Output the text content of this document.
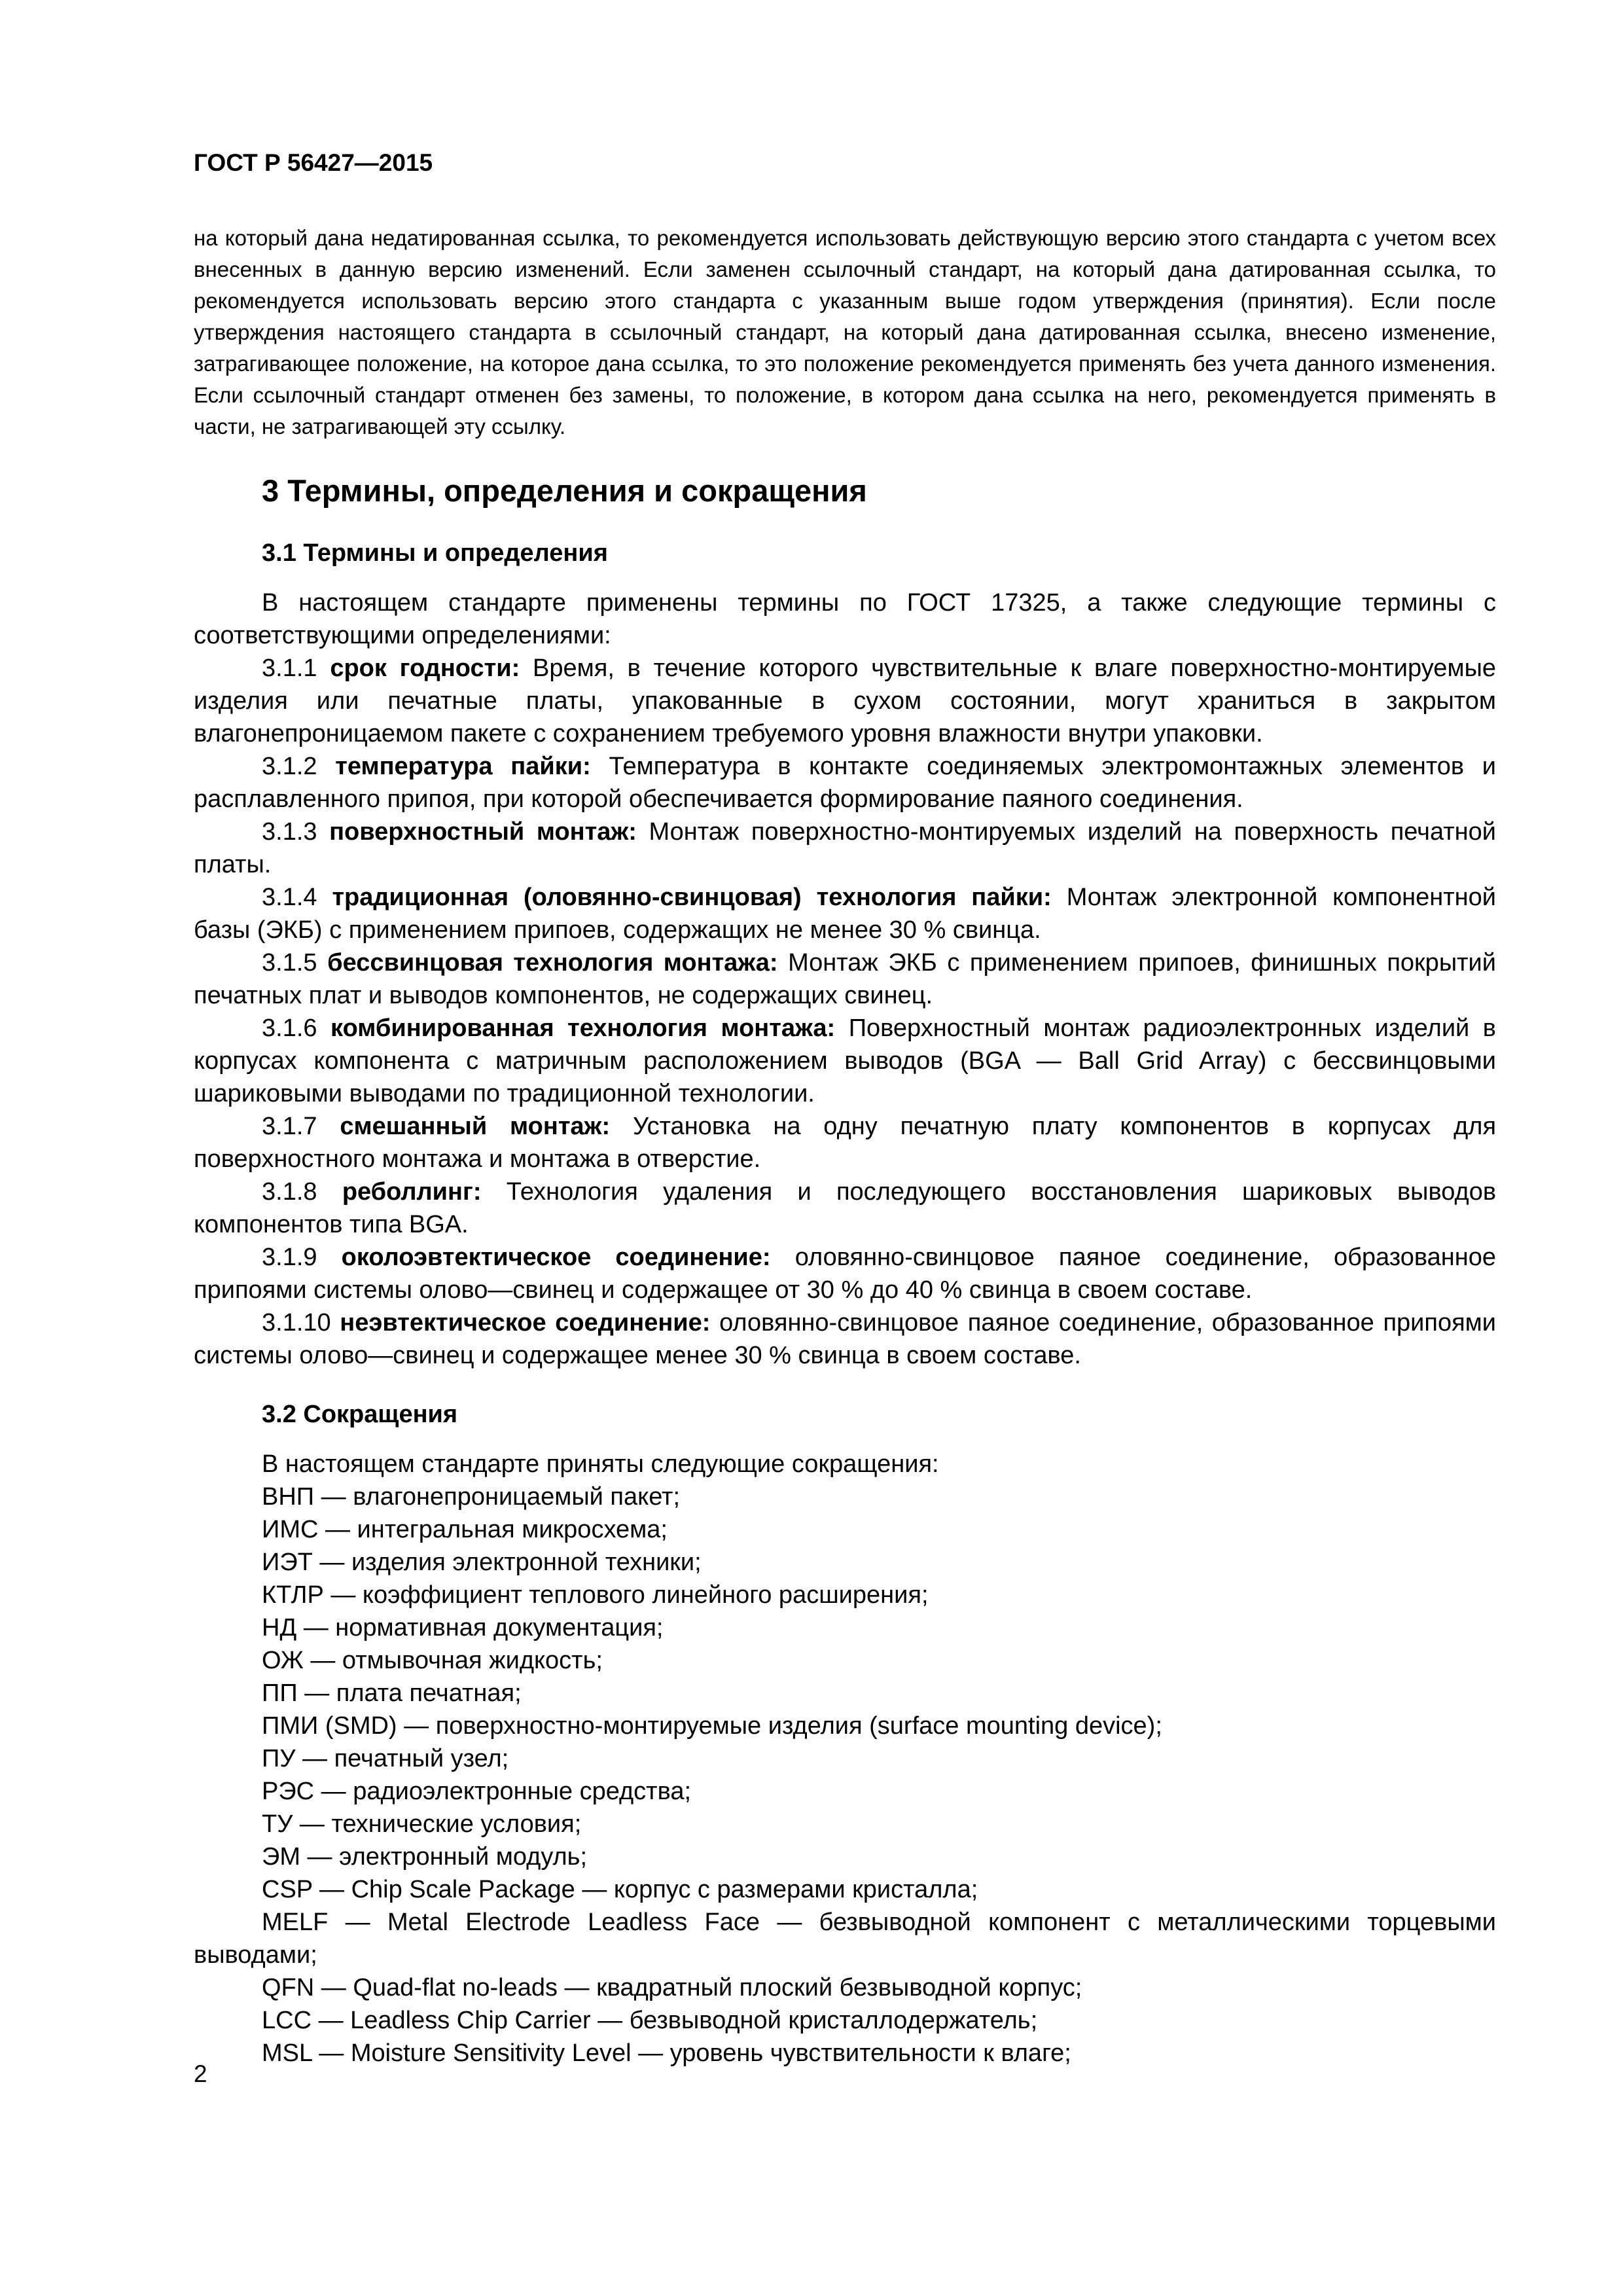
ГОСТ Р 56427—2015

на который дана недатированная ссылка, то рекомендуется использовать действующую версию этого стандарта с учетом всех внесенных в данную версию изменений. Если заменен ссылочный стандарт, на который дана датированная ссылка, то рекомендуется использовать версию этого стандарта с указанным выше годом утверждения (принятия). Если после утверждения настоящего стандарта в ссылочный стандарт, на который дана датированная ссылка, внесено изменение, затрагивающее положение, на которое дана ссылка, то это положение рекомендуется применять без учета данного изменения. Если ссылочный стандарт отменен без замены, то положение, в котором дана ссылка на него, рекомендуется применять в части, не затрагивающей эту ссылку.

3 Термины, определения и сокращения
3.1 Термины и определения

В настоящем стандарте применены термины по ГОСТ 17325, а также следующие термины с соответствующими определениями:

3.1.1 срок годности: Время, в течение которого чувствительные к влаге поверхностно-монтируемые изделия или печатные платы, упакованные в сухом состоянии, могут храниться в закрытом влагонепроницаемом пакете с сохранением требуемого уровня влажности внутри упаковки.

3.1.2 температура пайки: Температура в контакте соединяемых электромонтажных элементов и расплавленного припоя, при которой обеспечивается формирование паяного соединения.

3.1.3 поверхностный монтаж: Монтаж поверхностно-монтируемых изделий на поверхность печатной платы.

3.1.4 традиционная (оловянно-свинцовая) технология пайки: Монтаж электронной компонентной базы (ЭКБ) с применением припоев, содержащих не менее 30 % свинца.

3.1.5 бессвинцовая технология монтажа: Монтаж ЭКБ с применением припоев, финишных покрытий печатных плат и выводов компонентов, не содержащих свинец.

3.1.6 комбинированная технология монтажа: Поверхностный монтаж радиоэлектронных изделий в корпусах компонента с матричным расположением выводов (BGA — Ball Grid Array) с бессвинцовыми шариковыми выводами по традиционной технологии.

3.1.7 смешанный монтаж: Установка на одну печатную плату компонентов в корпусах для поверхностного монтажа и монтажа в отверстие.

3.1.8 реболлинг: Технология удаления и последующего восстановления шариковых выводов компонентов типа BGA.

3.1.9 околоэвтектическое соединение: оловянно-свинцовое паяное соединение, образованное припоями системы олово—свинец и содержащее от 30 % до 40 % свинца в своем составе.

3.1.10 неэвтектическое соединение: оловянно-свинцовое паяное соединение, образованное припоями системы олово—свинец и содержащее менее 30 % свинца в своем составе.

3.2 Сокращения

В настоящем стандарте приняты следующие сокращения:

ВНП — влагонепроницаемый пакет;

ИМС — интегральная микросхема;

ИЭТ — изделия электронной техники;

КТЛР — коэффициент теплового линейного расширения;

НД — нормативная документация;

ОЖ — отмывочная жидкость;

ПП — плата печатная;

ПМИ (SMD) — поверхностно-монтируемые изделия (surface mounting device);

ПУ — печатный узел;

РЭС — радиоэлектронные средства;

ТУ — технические условия;

ЭМ — электронный модуль;

CSP — Chip Scale Package — корпус с размерами кристалла;

MELF — Metal Electrode Leadless Face — безвыводной компонент с металлическими торцевыми выводами;

QFN — Quad-flat no-leads — квадратный плоский безвыводной корпус;

LCC — Leadless Chip Carrier — безвыводной кристаллодержатель;

MSL — Moisture Sensitivity Level — уровень чувствительности к влаге;

2
